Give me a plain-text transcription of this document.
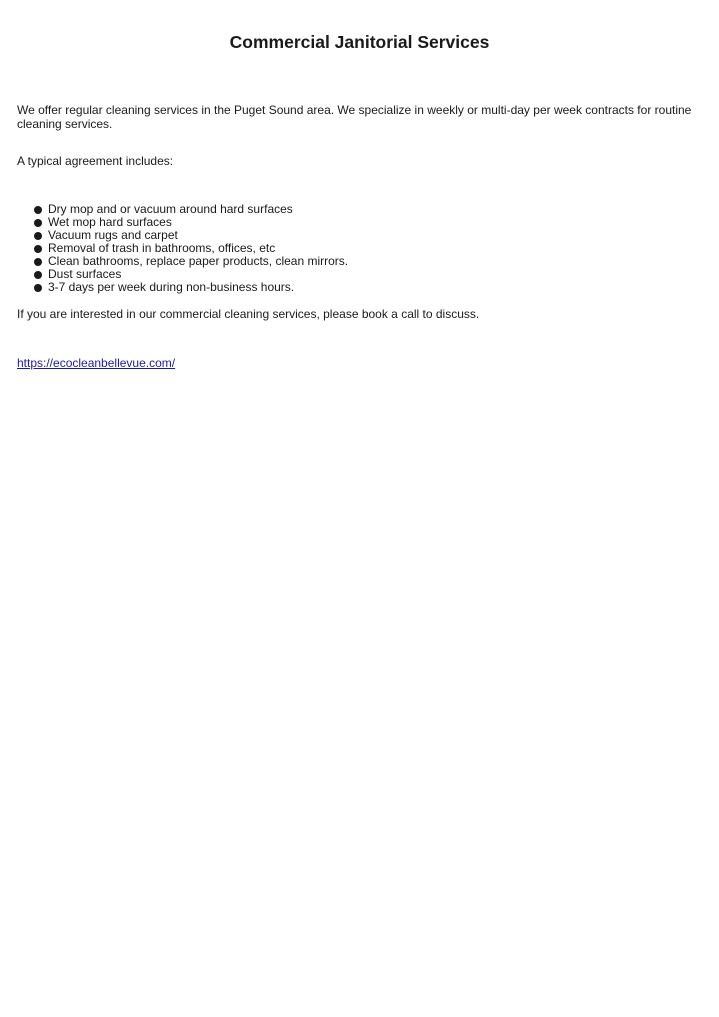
Commercial Janitorial Services

We offer regular cleaning services in the Puget Sound area. We specialize in weekly or multi-day per week contracts for routine cleaning services.

A typical agreement includes:

Dry mop and or vacuum around hard surfaces
Wet mop hard surfaces
Vacuum rugs and carpet
Removal of trash in bathrooms, offices, etc
Clean bathrooms, replace paper products, clean mirrors.
Dust surfaces
3-7 days per week during non-business hours.

If you are interested in our commercial cleaning services, please book a call to discuss.

https://ecocleanbellevue.com/
